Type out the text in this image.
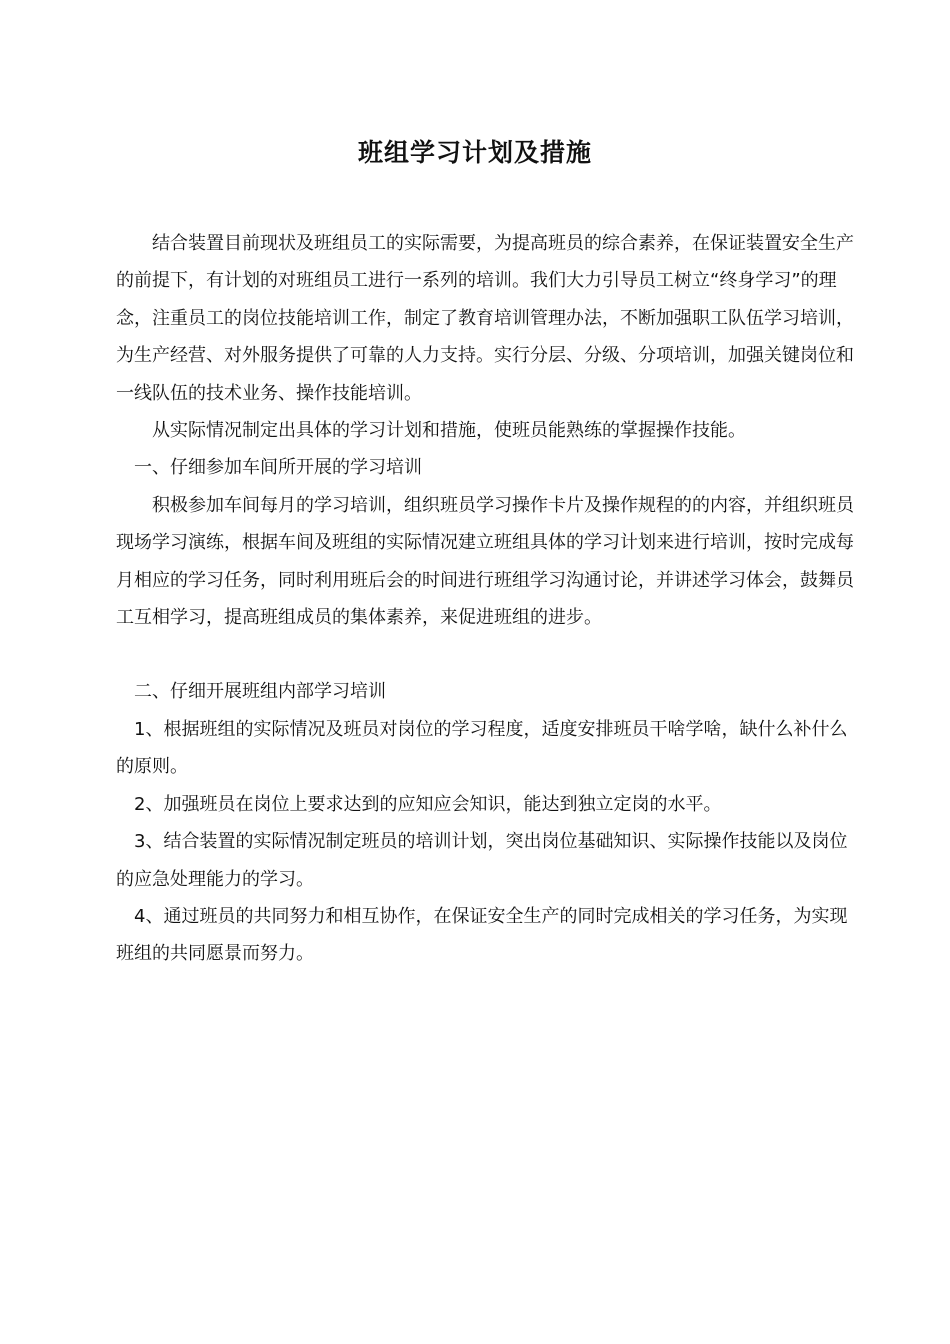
班组学习计划及措施

结合装置目前现状及班组员工的实际需要，为提高班员的综合素养，在保证装置安全生产的前提下，有计划的对班组员工进行一系列的培训。我们大力引导员工树立“终身学习”的理念，注重员工的岗位技能培训工作，制定了教育培训管理办法，不断加强职工队伍学习培训，为生产经营、对外服务提供了可靠的人力支持。实行分层、分级、分项培训，加强关键岗位和一线队伍的技术业务、操作技能培训。

从实际情况制定出具体的学习计划和措施，使班员能熟练的掌握操作技能。

一、仔细参加车间所开展的学习培训

积极参加车间每月的学习培训，组织班员学习操作卡片及操作规程的的内容，并组织班员现场学习演练，根据车间及班组的实际情况建立班组具体的学习计划来进行培训，按时完成每月相应的学习任务，同时利用班后会的时间进行班组学习沟通讨论，并讲述学习体会，鼓舞员工互相学习，提高班组成员的集体素养，来促进班组的进步。

二、仔细开展班组内部学习培训

1、根据班组的实际情况及班员对岗位的学习程度，适度安排班员干啥学啥，缺什么补什么的原则。

2、加强班员在岗位上要求达到的应知应会知识，能达到独立定岗的水平。

3、结合装置的实际情况制定班员的培训计划，突出岗位基础知识、实际操作技能以及岗位的应急处理能力的学习。

4、通过班员的共同努力和相互协作，在保证安全生产的同时完成相关的学习任务，为实现班组的共同愿景而努力。
